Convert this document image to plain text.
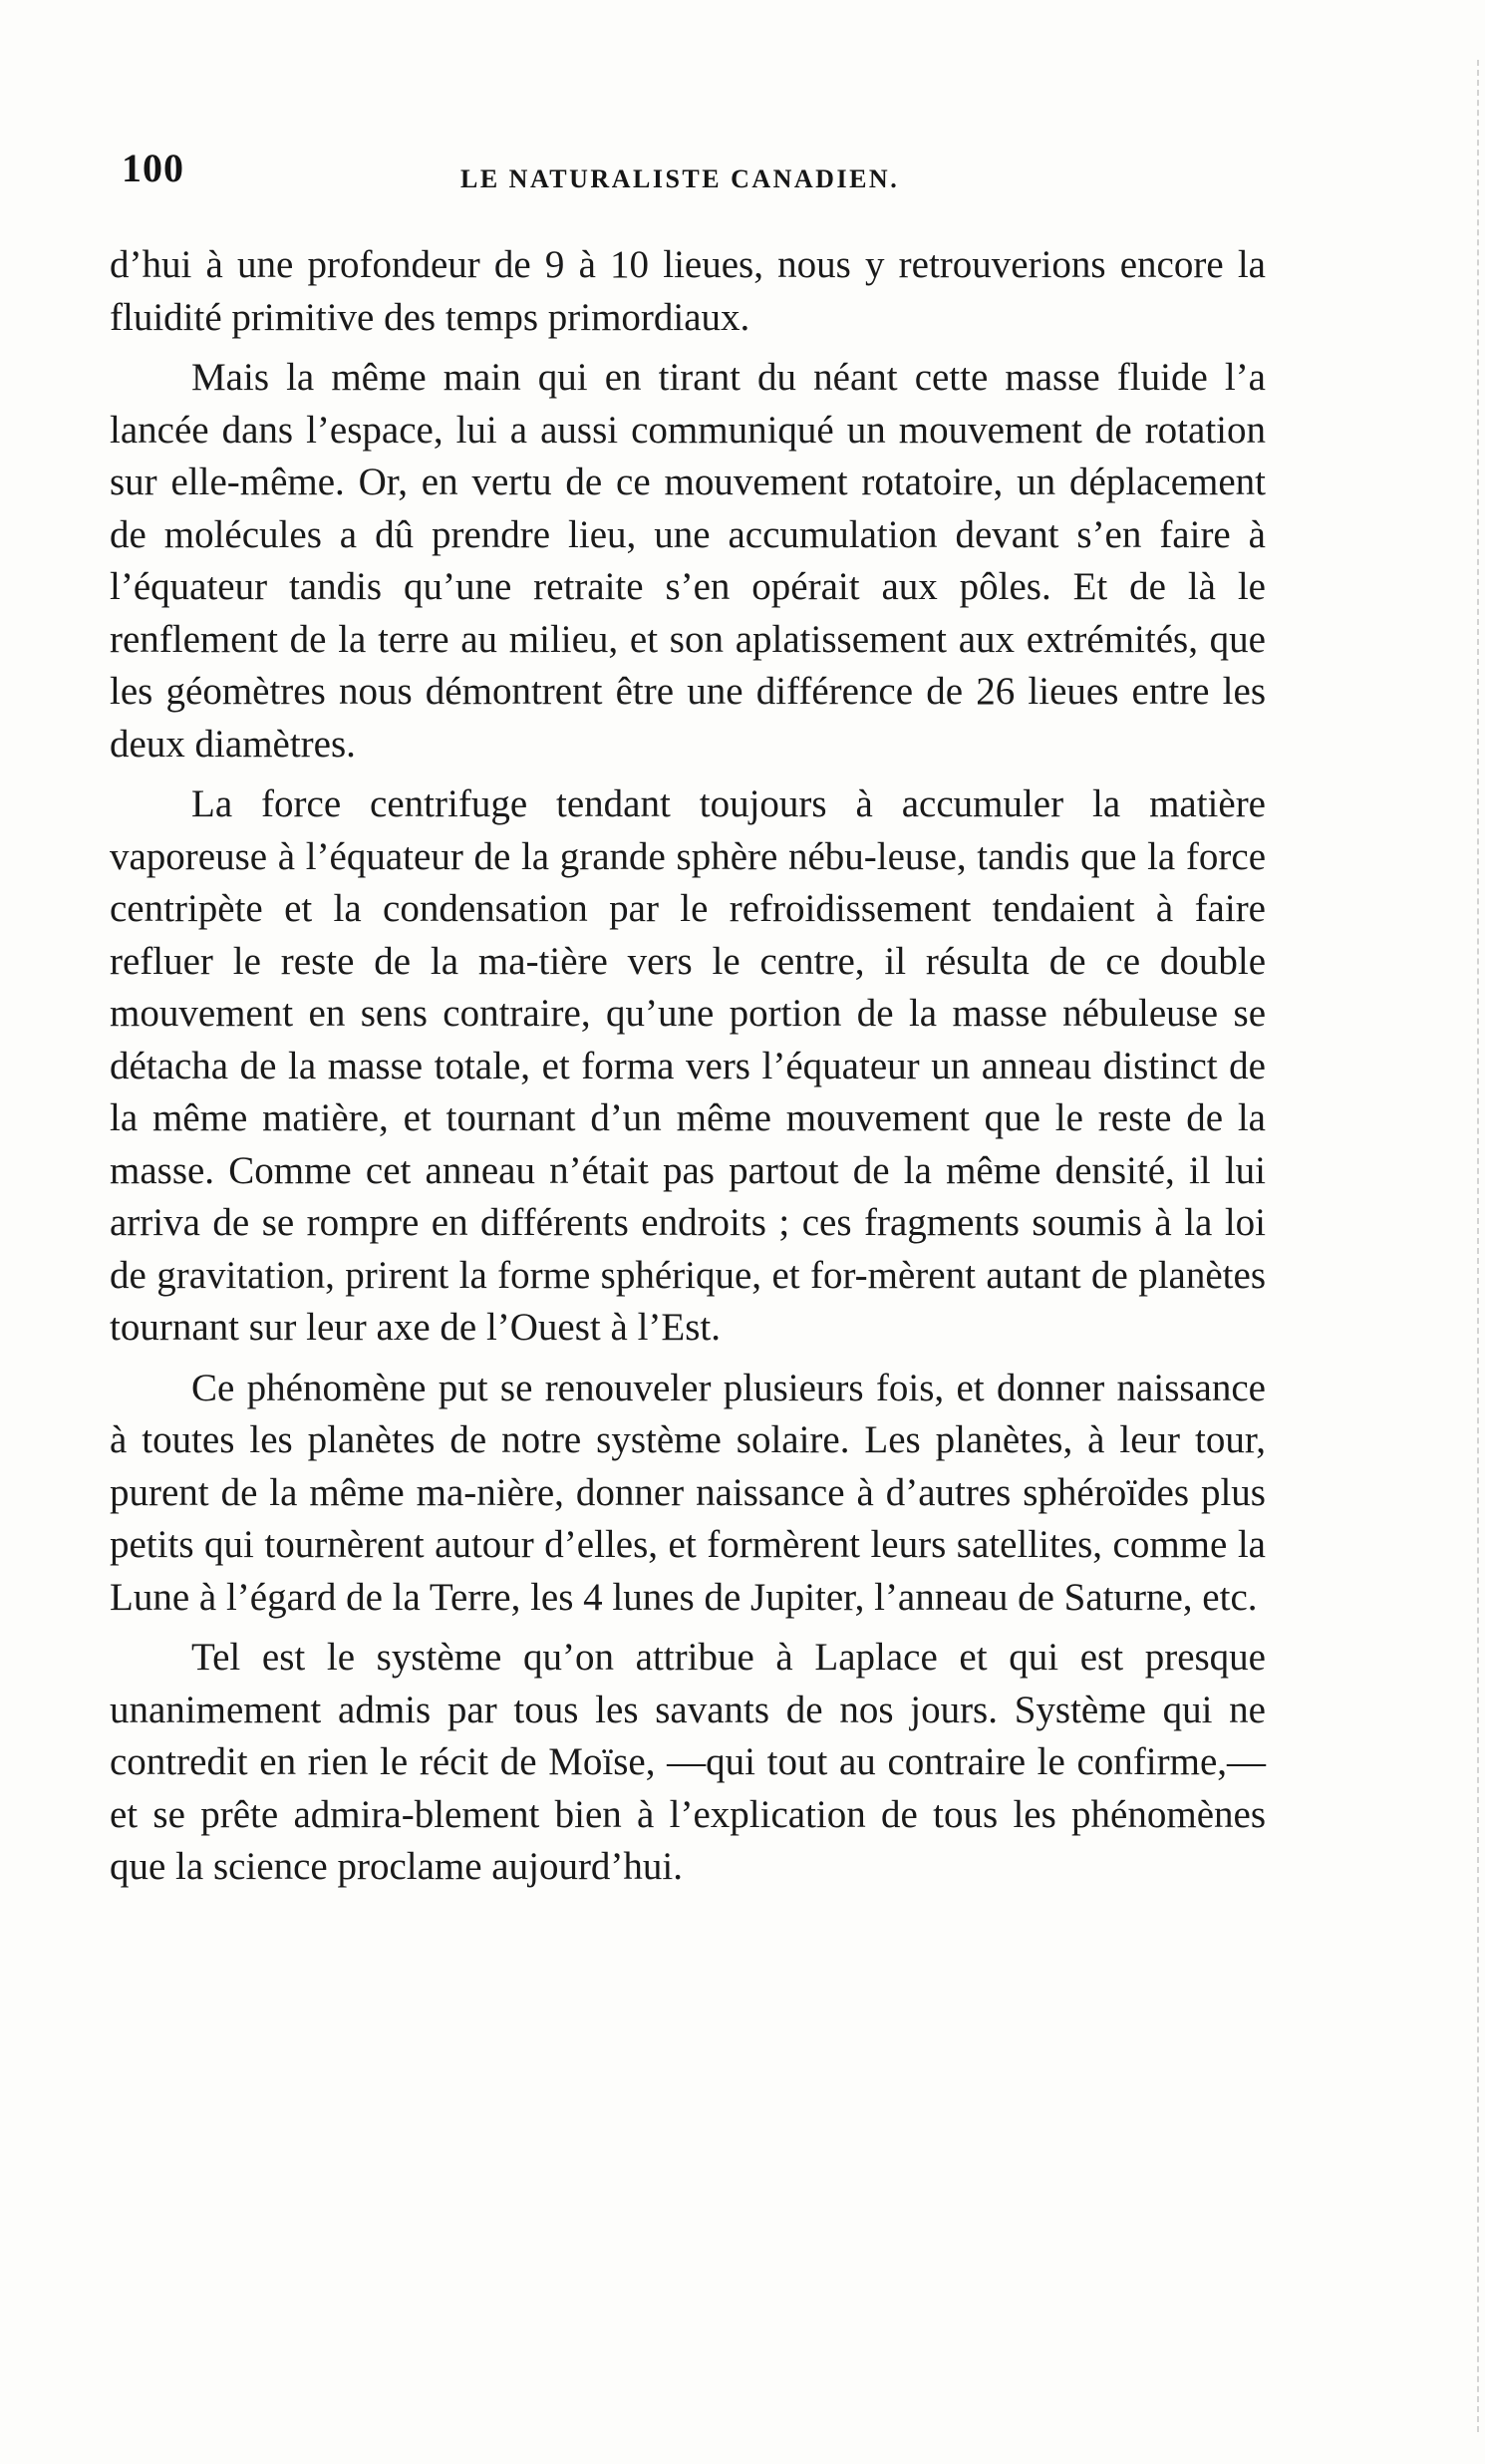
100	LE NATURALISTE CANADIEN.

d’hui à une profondeur de 9 à 10 lieues, nous y retrouverions encore la fluidité primitive des temps primordiaux.

Mais la même main qui en tirant du néant cette masse fluide l’a lancée dans l’espace, lui a aussi communiqué un mouvement de rotation sur elle-même. Or, en vertu de ce mouvement rotatoire, un déplacement de molécules a dû prendre lieu, une accumulation devant s’en faire à l’équateur tandis qu’une retraite s’en opérait aux pôles. Et de là le renflement de la terre au milieu, et son aplatissement aux extrémités, que les géomètres nous démontrent être une différence de 26 lieues entre les deux diamètres.

La force centrifuge tendant toujours à accumuler la matière vaporeuse à l’équateur de la grande sphère nébu-leuse, tandis que la force centripète et la condensation par le refroidissement tendaient à faire refluer le reste de la ma-tière vers le centre, il résulta de ce double mouvement en sens contraire, qu’une portion de la masse nébuleuse se détacha de la masse totale, et forma vers l’équateur un anneau distinct de la même matière, et tournant d’un même mouvement que le reste de la masse. Comme cet anneau n’était pas partout de la même densité, il lui arriva de se rompre en différents endroits ; ces fragments soumis à la loi de gravitation, prirent la forme sphérique, et for-mèrent autant de planètes tournant sur leur axe de l’Ouest à l’Est.

Ce phénomène put se renouveler plusieurs fois, et donner naissance à toutes les planètes de notre système solaire. Les planètes, à leur tour, purent de la même ma-nière, donner naissance à d’autres sphéroïdes plus petits qui tournèrent autour d’elles, et formèrent leurs satellites, comme la Lune à l’égard de la Terre, les 4 lunes de Jupiter, l’anneau de Saturne, etc.

Tel est le système qu’on attribue à Laplace et qui est presque unanimement admis par tous les savants de nos jours. Système qui ne contredit en rien le récit de Moïse, —qui tout au contraire le confirme,—et se prête admira-blement bien à l’explication de tous les phénomènes que la science proclame aujourd’hui.
